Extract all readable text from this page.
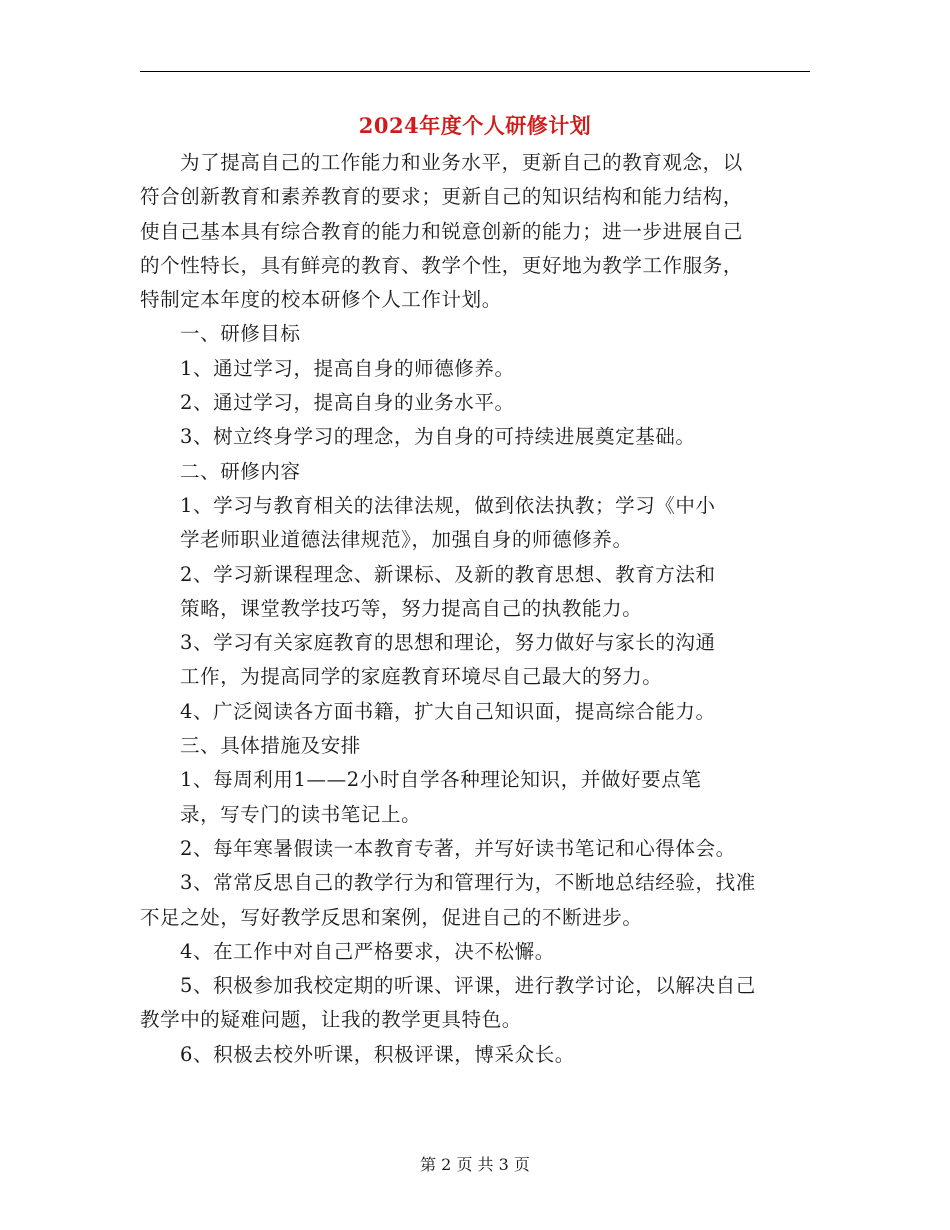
2024年度个人研修计划

为了提高自己的工作能力和业务水平，更新自己的教育观念，以

符合创新教育和素养教育的要求；更新自己的知识结构和能力结构，

使自己基本具有综合教育的能力和锐意创新的能力；进一步进展自己

的个性特长，具有鲜亮的教育、教学个性，更好地为教学工作服务，

特制定本年度的校本研修个人工作计划。

一、研修目标

1、通过学习，提高自身的师德修养。

2、通过学习，提高自身的业务水平。

3、树立终身学习的理念，为自身的可持续进展奠定基础。

二、研修内容

1、学习与教育相关的法律法规，做到依法执教；学习《中小

学老师职业道德法律规范》，加强自身的师德修养。

2、学习新课程理念、新课标、及新的教育思想、教育方法和

策略，课堂教学技巧等，努力提高自己的执教能力。

3、学习有关家庭教育的思想和理论，努力做好与家长的沟通

工作，为提高同学的家庭教育环境尽自己最大的努力。

4、广泛阅读各方面书籍，扩大自己知识面，提高综合能力。

三、具体措施及安排

1、每周利用1——2小时自学各种理论知识，并做好要点笔

录，写专门的读书笔记上。

2、每年寒暑假读一本教育专著，并写好读书笔记和心得体会。

3、常常反思自己的教学行为和管理行为，不断地总结经验，找准

不足之处，写好教学反思和案例，促进自己的不断进步。

4、在工作中对自己严格要求，决不松懈。

5、积极参加我校定期的听课、评课，进行教学讨论，以解决自己

教学中的疑难问题，让我的教学更具特色。

6、积极去校外听课，积极评课，博采众长。

第 2 页 共 3 页
